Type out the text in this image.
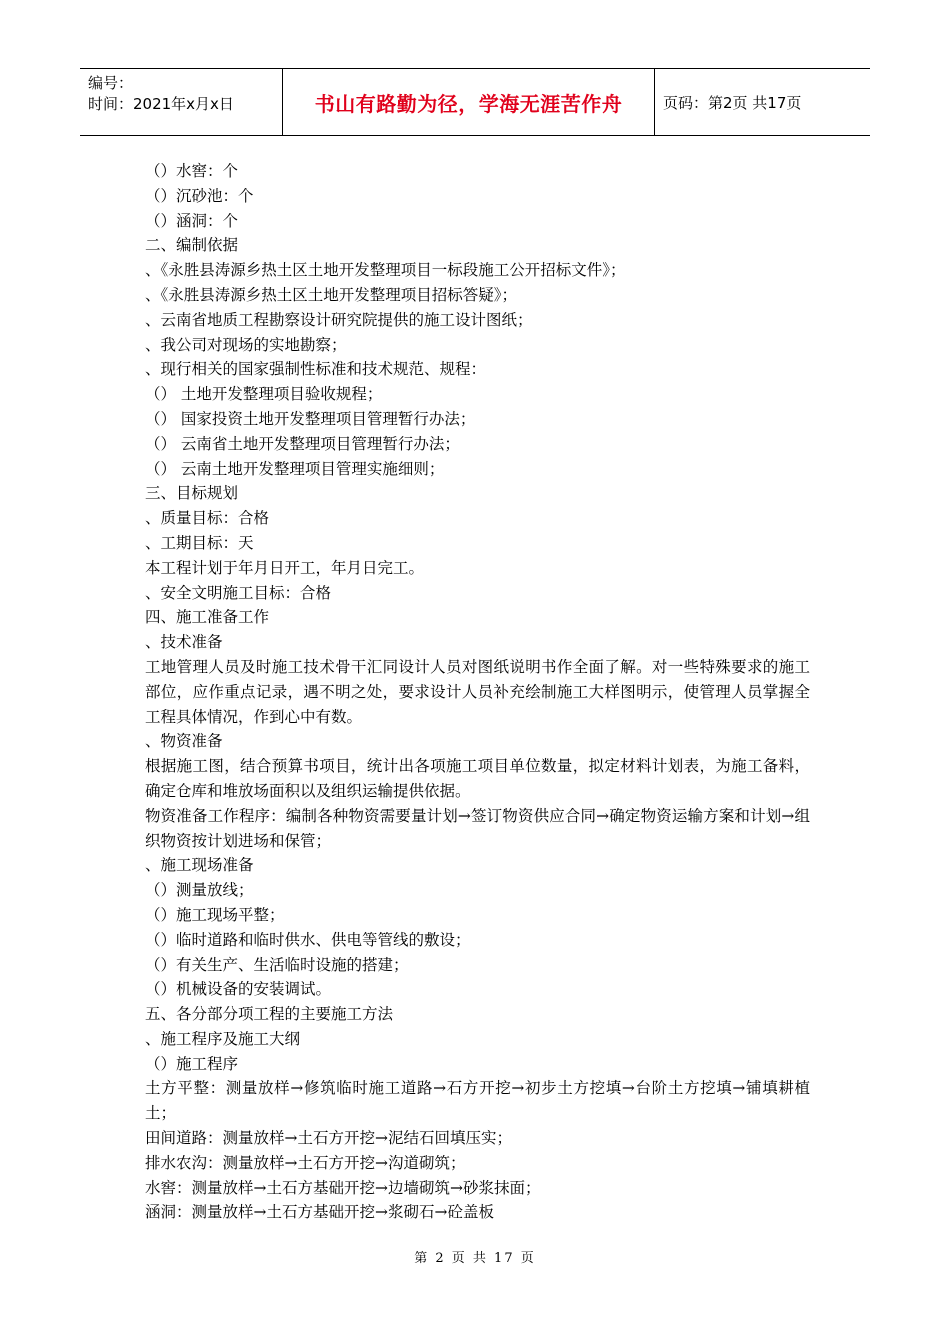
编号：
时间：2021年x月x日	书山有路勤为径，学海无涯苦作舟	页码：第2页 共17页

（）水窖：个

（）沉砂池：个

（）涵洞：个

二、编制依据

、《永胜县涛源乡热土区土地开发整理项目一标段施工公开招标文件》；

、《永胜县涛源乡热土区土地开发整理项目招标答疑》；

、云南省地质工程勘察设计研究院提供的施工设计图纸；

、我公司对现场的实地勘察；

、现行相关的国家强制性标准和技术规范、规程：

（） 土地开发整理项目验收规程；

（） 国家投资土地开发整理项目管理暂行办法；

（） 云南省土地开发整理项目管理暂行办法；

（） 云南土地开发整理项目管理实施细则；

三、目标规划

、质量目标：合格

、工期目标：天

本工程计划于年月日开工，年月日完工。

、安全文明施工目标：合格

四、施工准备工作

、技术准备

工地管理人员及时施工技术骨干汇同设计人员对图纸说明书作全面了解。对一些特殊要求的施工部位，应作重点记录，遇不明之处，要求设计人员补充绘制施工大样图明示，使管理人员掌握全工程具体情况，作到心中有数。

、物资准备

根据施工图，结合预算书项目，统计出各项施工项目单位数量，拟定材料计划表，为施工备料，确定仓库和堆放场面积以及组织运输提供依据。

物资准备工作程序：编制各种物资需要量计划→签订物资供应合同→确定物资运输方案和计划→组织物资按计划进场和保管；

、施工现场准备

（）测量放线；

（）施工现场平整；

（）临时道路和临时供水、供电等管线的敷设；

（）有关生产、生活临时设施的搭建；

（）机械设备的安装调试。

五、各分部分项工程的主要施工方法

、施工程序及施工大纲

（）施工程序

土方平整：测量放样→修筑临时施工道路→石方开挖→初步土方挖填→台阶土方挖填→铺填耕植土；

田间道路：测量放样→土石方开挖→泥结石回填压实；

排水农沟：测量放样→土石方开挖→沟道砌筑；

水窖：测量放样→土石方基础开挖→边墙砌筑→砂浆抹面；

涵洞：测量放样→土石方基础开挖→浆砌石→砼盖板

第 2 页 共 17 页
